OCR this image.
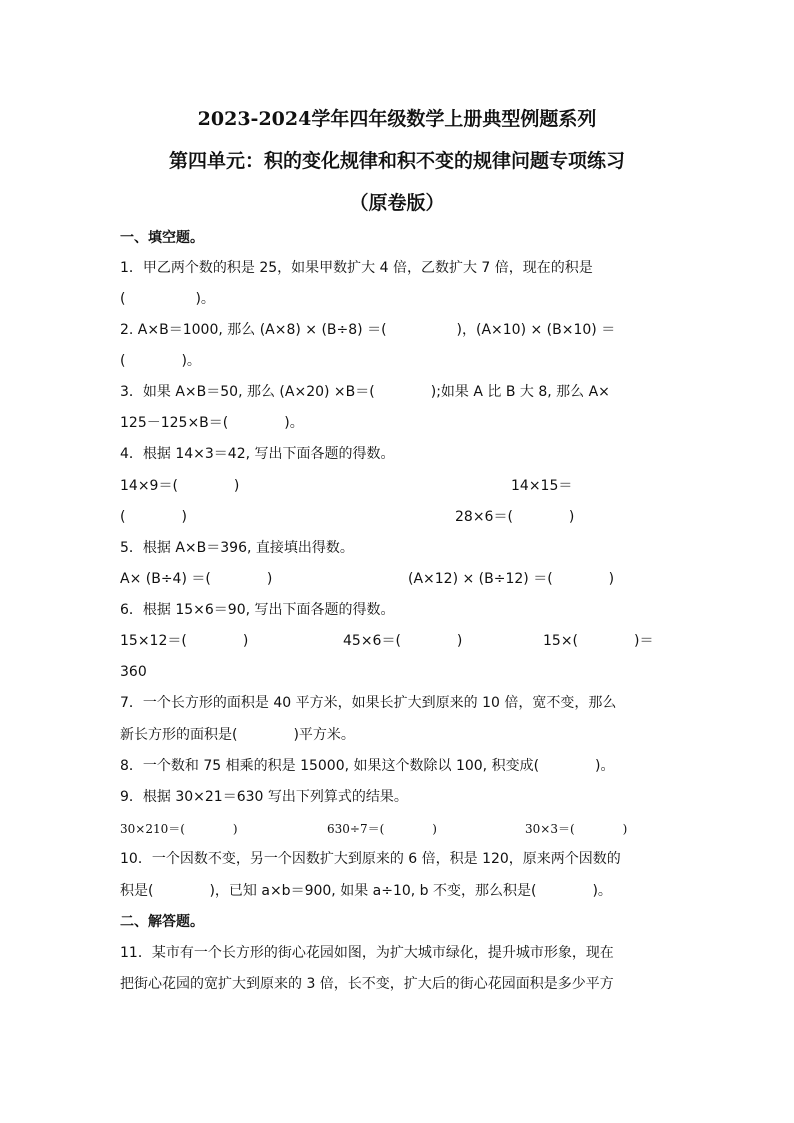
2023-2024学年四年级数学上册典型例题系列
第四单元：积的变化规律和积不变的规律问题专项练习
（原卷版）
一、填空题。
1．甲乙两个数的积是 25，如果甲数扩大 4 倍，乙数扩大 7 倍，现在的积是
(　　　　　)。
2. A×B＝1000, 那么 (A×8) × (B÷8) ＝(　　　　　)，(A×10) × (B×10) ＝
(　　　　)。
3．如果 A×B＝50, 那么 (A×20) ×B＝(　　　　);如果 A 比 B 大 8, 那么 A×
125－125×B＝(　　　　)。
4．根据 14×3＝42, 写出下面各题的得数。
14×9＝(　　　　)	14×15＝
(　　　　)	28×6＝(　　　　)
5．根据 A×B＝396, 直接填出得数。
A× (B÷4) ＝(　　　　)	(A×12) × (B÷12) ＝(　　　　)
6．根据 15×6＝90, 写出下面各题的得数。
15×12＝(　　　　)	45×6＝(　　　　)	15×(　　　　)＝
360
7．一个长方形的面积是 40 平方米，如果长扩大到原来的 10 倍，宽不变，那么
新长方形的面积是(　　　　)平方米。
8．一个数和 75 相乘的积是 15000, 如果这个数除以 100, 积变成(　　　　)。
9．根据 30×21＝630 写出下列算式的结果。
30×210＝(　　　　)	630÷7＝(　　　　)	30×3＝(　　　　)
10．一个因数不变，另一个因数扩大到原来的 6 倍，积是 120，原来两个因数的
积是(　　　　)，已知 a×b＝900, 如果 a÷10, b 不变，那么积是(　　　　)。
二、解答题。
11．某市有一个长方形的街心花园如图，为扩大城市绿化，提升城市形象，现在
把街心花园的宽扩大到原来的 3 倍，长不变，扩大后的街心花园面积是多少平方
